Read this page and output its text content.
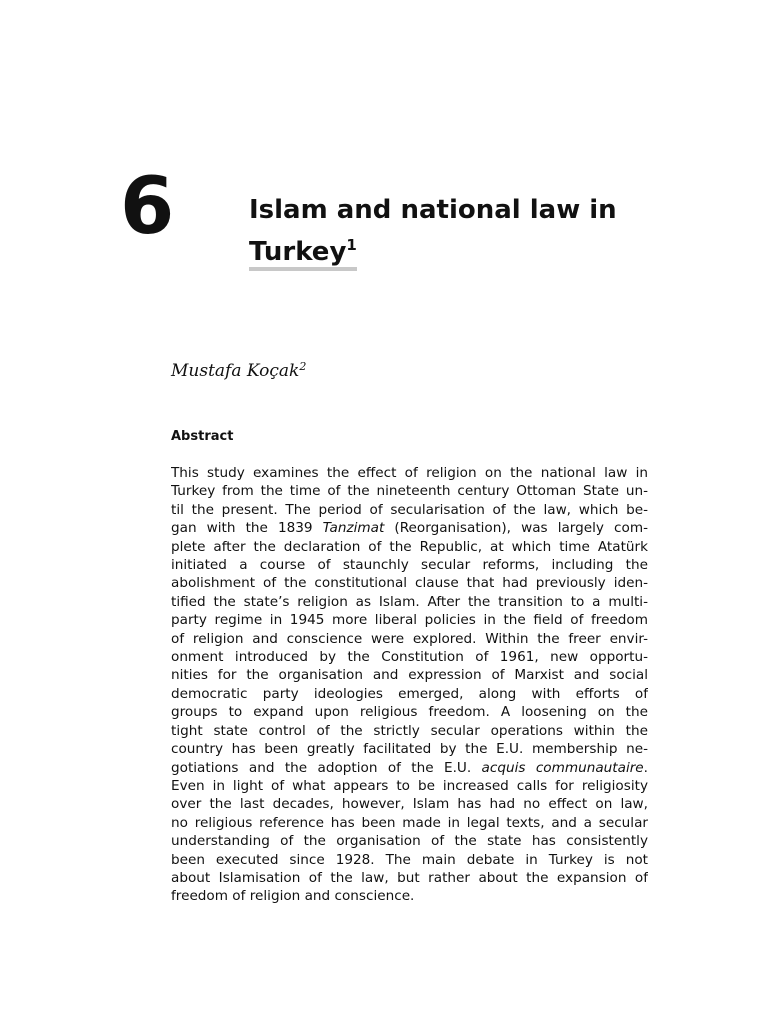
6	Islam and national law in
Turkey$^1$
Mustafa Koçak$^2$
Abstract
This study examines the effect of religion on the national law in
Turkey from the time of the nineteenth century Ottoman State un-
til the present. The period of secularisation of the law, which be-
gan with the 1839 Tanzimat (Reorganisation), was largely com-
plete after the declaration of the Republic, at which time Atatürk
initiated a course of staunchly secular reforms, including the
abolishment of the constitutional clause that had previously iden-
tified the state’s religion as Islam. After the transition to a multi-
party regime in 1945 more liberal policies in the field of freedom
of religion and conscience were explored. Within the freer envir-
onment introduced by the Constitution of 1961, new opportu-
nities for the organisation and expression of Marxist and social
democratic party ideologies emerged, along with efforts of
groups to expand upon religious freedom. A loosening on the
tight state control of the strictly secular operations within the
country has been greatly facilitated by the E.U. membership ne-
gotiations and the adoption of the E.U. acquis communautaire.
Even in light of what appears to be increased calls for religiosity
over the last decades, however, Islam has had no effect on law,
no religious reference has been made in legal texts, and a secular
understanding of the organisation of the state has consistently
been executed since 1928. The main debate in Turkey is not
about Islamisation of the law, but rather about the expansion of
freedom of religion and conscience.
